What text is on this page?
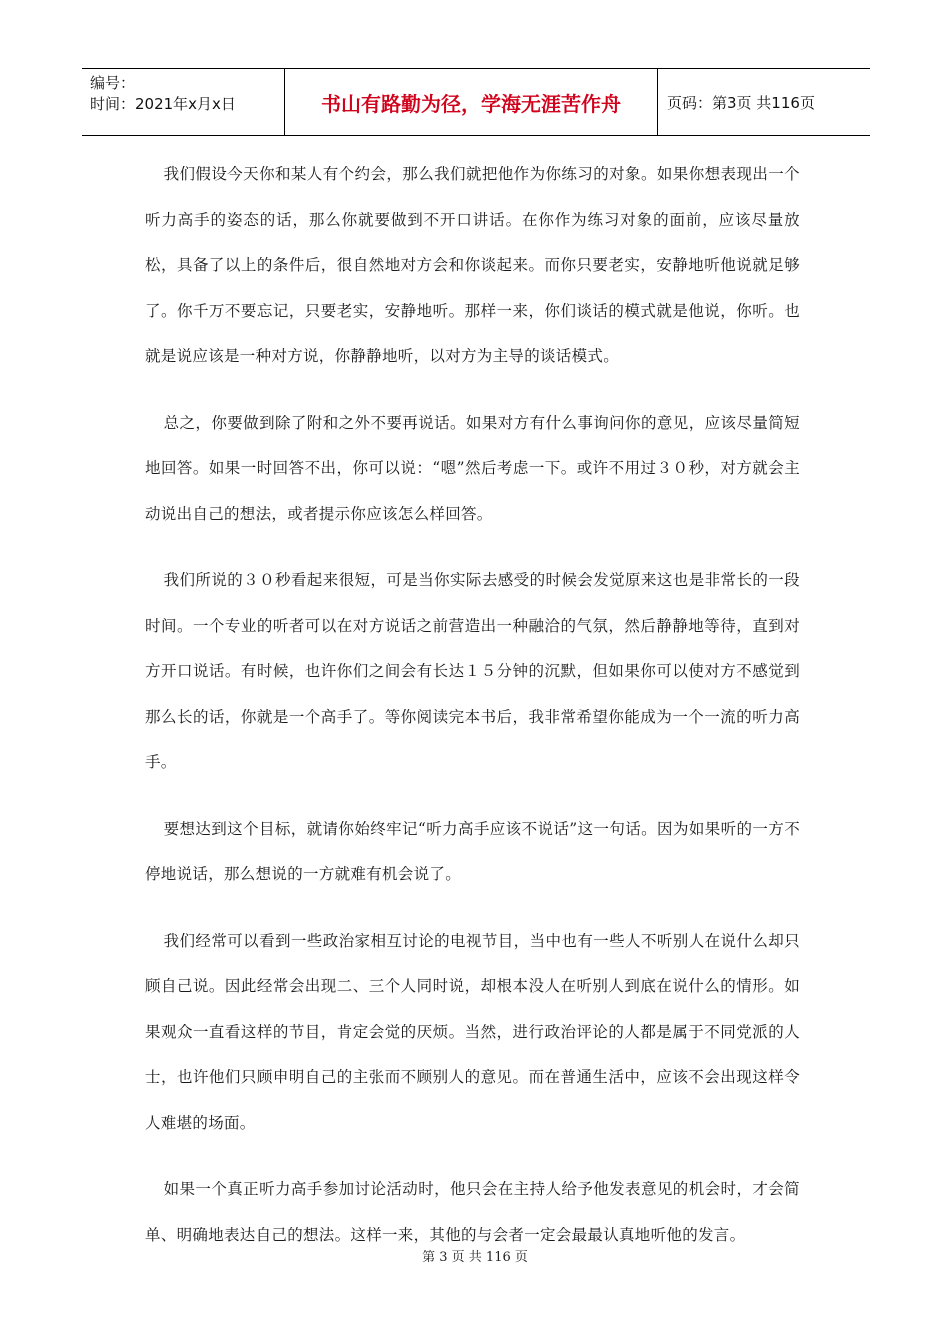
编号：
时间：2021年x月x日	书山有路勤为径，学海无涯苦作舟	页码：第3页 共116页

我们假设今天你和某人有个约会，那么我们就把他作为你练习的对象。如果你想表现出一个听力高手的姿态的话，那么你就要做到不开口讲话。在你作为练习对象的面前，应该尽量放松，具备了以上的条件后，很自然地对方会和你谈起来。而你只要老实，安静地听他说就足够了。你千万不要忘记，只要老实，安静地听。那样一来，你们谈话的模式就是他说，你听。也就是说应该是一种对方说，你静静地听，以对方为主导的谈话模式。

总之，你要做到除了附和之外不要再说话。如果对方有什么事询问你的意见，应该尽量简短地回答。如果一时回答不出，你可以说：“嗯”然后考虑一下。或许不用过３０秒，对方就会主动说出自己的想法，或者提示你应该怎么样回答。

我们所说的３０秒看起来很短，可是当你实际去感受的时候会发觉原来这也是非常长的一段时间。一个专业的听者可以在对方说话之前营造出一种融洽的气氛，然后静静地等待，直到对方开口说话。有时候，也许你们之间会有长达１５分钟的沉默，但如果你可以使对方不感觉到那么长的话，你就是一个高手了。等你阅读完本书后，我非常希望你能成为一个一流的听力高手。

要想达到这个目标，就请你始终牢记“听力高手应该不说话”这一句话。因为如果听的一方不停地说话，那么想说的一方就难有机会说了。

我们经常可以看到一些政治家相互讨论的电视节目，当中也有一些人不听别人在说什么却只顾自己说。因此经常会出现二、三个人同时说，却根本没人在听别人到底在说什么的情形。如果观众一直看这样的节目，肯定会觉的厌烦。当然，进行政治评论的人都是属于不同党派的人士，也许他们只顾申明自己的主张而不顾别人的意见。而在普通生活中，应该不会出现这样令人难堪的场面。

如果一个真正听力高手参加讨论活动时，他只会在主持人给予他发表意见的机会时，才会简单、明确地表达自己的想法。这样一来，其他的与会者一定会最最认真地听他的发言。

第 3 页 共 116 页
